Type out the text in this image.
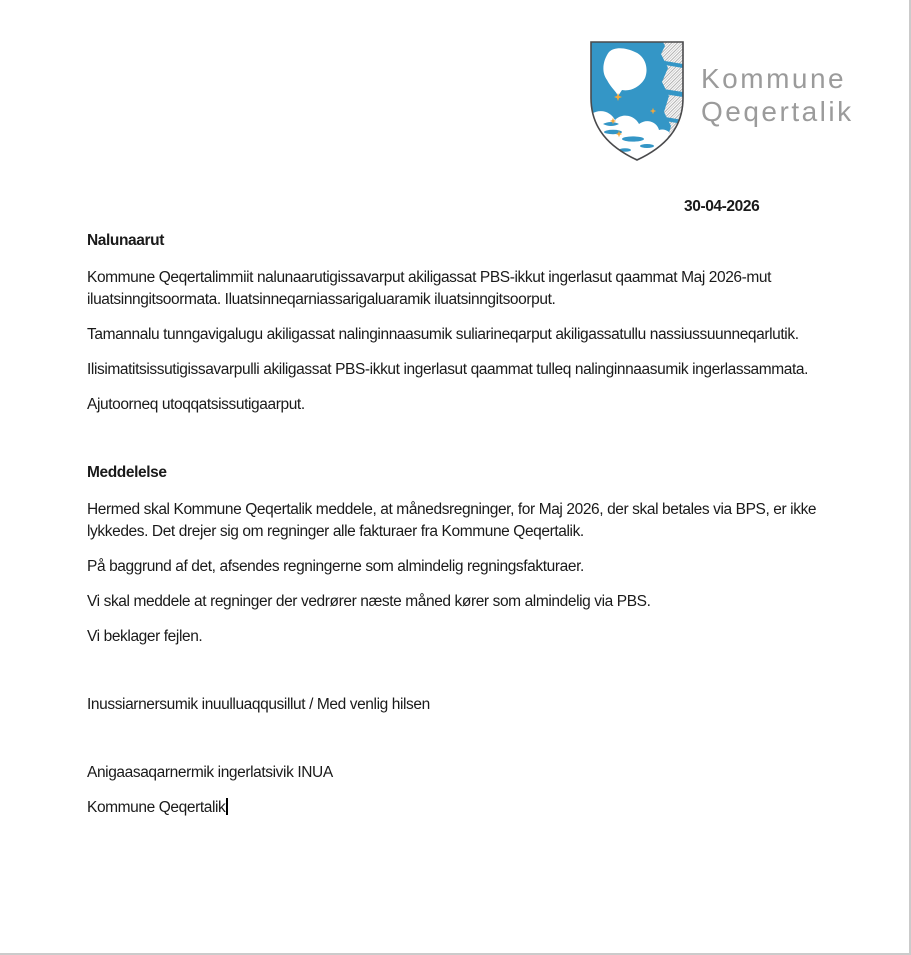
Kommune
Qeqertalik
30-04-2026
Nalunaarut

Kommune Qeqertalimmiit nalunaarutigissavarput akiligassat PBS-ikkut ingerlasut qaammat Maj 2026-mut iluatsinngitsoormata. Iluatsinneqarniassarigaluaramik iluatsinngitsoorput.

Tamannalu tunngavigalugu akiligassat nalinginnaasumik suliarineqarput akiligassatullu nassiussuunneqarlutik.

Ilisimatitsissutigissavarpulli akiligassat PBS-ikkut ingerlasut qaammat tulleq nalinginnaasumik ingerlassammata.

Ajutoorneq utoqqatsissutigaarput.

Meddelelse

Hermed skal Kommune Qeqertalik meddele, at månedsregninger, for Maj 2026, der skal betales via BPS, er ikke lykkedes. Det drejer sig om regninger alle fakturaer fra Kommune Qeqertalik.

På baggrund af det, afsendes regningerne som almindelig regningsfakturaer.

Vi skal meddele at regninger der vedrører næste måned kører som almindelig via PBS.

Vi beklager fejlen.

Inussiarnersumik inuulluaqqusillut / Med venlig hilsen

Anigaasaqarnermik ingerlatsivik INUA

Kommune Qeqertalik
